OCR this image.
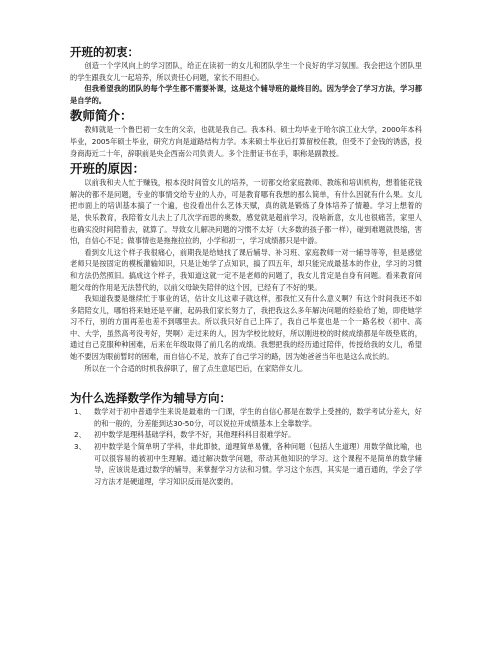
开班的初衷：

创造一个学风向上的学习团队，给正在读初一的女儿和团队学生一个良好的学习氛围。我会把这个团队里的学生跟我女儿一起培养，所以责任心问题，家长不用担心。

但我希望我的团队的每个学生都不需要补课，这是这个辅导班的最终目的。因为学会了学习方法，学习都是自学的。

教师简介：

教师就是一个鲁巴初一女生的父亲，也就是我自己。我本科、硕士均毕业于哈尔滨工业大学，2000年本科毕业，2005年硕士毕业，研究方向是道路结构力学。本来硕士毕业后打算留校任教，但受不了金钱的诱惑，投身商海近二十年，辞职前是央企西南公司负责人。多个注册证书在手，职称是副教授。

开班的原因：

以前我和夫人忙于赚钱，根本没时间管女儿的培养，一切都交给家庭教师、教练和培训机构，想着能花钱解决的都不是问题，专业的事情交给专业的人办，可是教育哪有我想的那么简单，有什么因就有什么果。女儿把市面上的培训基本搞了一个遍，也没看出什么艺体天赋，真的就是锻炼了身体培养了情趣。学习上想着的是，快乐教育，我陪着女儿去上了几次学而思的奥数，感觉就是超前学习，没啥新意，女儿也很痛苦，家里人也确实没时间陪着去，就算了。导致女儿解决问题的习惯不太好（大多数的孩子都一样），碰到难题就畏缩，害怕，自信心不足；做事情也是拖拖拉拉的，小学和初一，学习成绩都只是中游。

看到女儿这个样子我很痛心，前期我是给她找了课后辅导、补习班、家庭教师一对一辅导等等，但是感觉老师只是按固定的模板灌输知识，只是让她学了点知识，搞了四五年，却只能完成最基本的作业，学习的习惯和方法仍然照旧。搞成这个样子，我知道这就一定不是老师的问题了，我女儿肯定是自身有问题。看来教育问题父母的作用是无法替代的，以前父母缺失陪伴的这个因，已经有了不好的果。

我知道我要是继续忙于事业的话，估计女儿这辈子就这样，那我忙又有什么意义啊？有这个时间我还不如多陪陪女儿，哪怕将来她还是平庸，起码我们家长努力了，我把我这么多年解决问题的经验给了她，即使她学习不行，别的方面再差也差不到哪里去。所以我只好自己上阵了，我自己毕竟也是一个一路名校（初中、高中、大学，虽然高考没考好，哭啊）走过来的人，因为学校比较好，所以刚进校的时候成绩都是年级垫底的，通过自己克服种种困难，后来在年级取得了前几名的成绩。我想把我的经历通过陪伴，传授给我的女儿，希望她不要因为眼前暂时的困难，而自信心不足，放弃了自己学习的路，因为她爸爸当年也是这么成长的。

所以在一个合适的时机我辞职了，留了点生意尾巴后，在家陪伴女儿。

为什么选择数学作为辅导方向：
1、 数学对于初中普通学生来说是最难的一门课，学生的自信心都是在数学上受挫的，数学考试分差大，好的和一般的，分差能到达30-50分，可以说拉开成绩基本上全靠数学。
2、 初中数学是理科基础学科，数学不好，其他理科科目很难学好。
3、 初中数学是个简单明了学科，非此即彼，道理简单易懂，各种问题（包括人生道理）用数学做比喻，也可以很容易的被初中生理解。通过解决数学问题，带动其他知识的学习。这个课程不是简单的数学辅导，应该说是通过数学的辅导，来掌握学习方法和习惯。学习这个东西，其实是一通百通的，学会了学习方法才是硬道理，学习知识反而是次要的。
